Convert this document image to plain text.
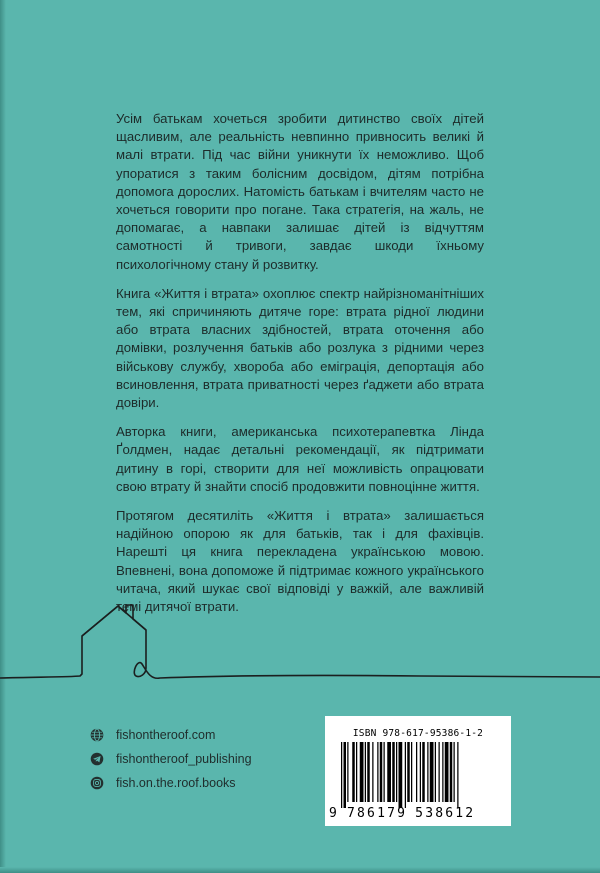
Усім батькам хочеться зробити дитинство своїх дітей щасливим, але реальність невпинно привносить великі й малі втрати. Під час війни уникнути їх неможливо. Щоб упоратися з таким болісним досвідом, дітям потрібна допомога дорослих. Натомість батькам і вчителям часто не хочеться говорити про погане. Така стратегія, на жаль, не допомагає, а навпаки залишає дітей із відчуттям самотності й тривоги, завдає шкоди їхньому психологічному стану й розвитку.

Книга «Життя і втрата» охоплює спектр найрізноманітніших тем, які спричиняють дитяче горе: втрата рідної людини або втрата власних здібностей, втрата оточення або домівки, розлучення батьків або розлука з рідними через військову службу, хвороба або еміграція, депортація або всиновлення, втрата приватності через ґаджети або втрата довіри.

Авторка книги, американська психотерапевтка Лінда Ґолдмен, надає детальні рекомендації, як підтримати дитину в горі, створити для неї можливість опрацювати свою втрату й знайти спосіб продовжити повноцінне життя.

Протягом десятиліть «Життя і втрата» залишається надійною опорою як для батьків, так і для фахівців. Нарешті ця книга перекладена українською мовою. Впевнені, вона допоможе й підтримає кожного українського читача, який шукає свої відповіді у важкій, але важливій темі дитячої втрати.

fishontheroof.com
fishontheroof_publishing
fish.on.the.roof.books
ISBN 978-617-95386-1-2
9 786179 538612
